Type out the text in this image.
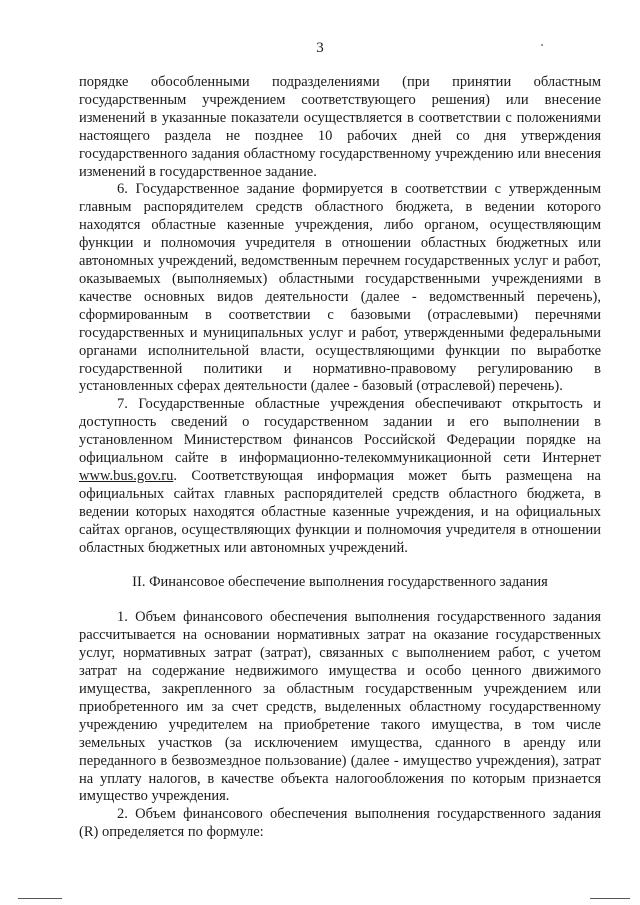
3

порядке обособленными подразделениями (при принятии областным государственным учреждением соответствующего решения) или внесение изменений в указанные показатели осуществляется в соответствии с положениями настоящего раздела не позднее 10 рабочих дней со дня утверждения государственного задания областному государственному учреждению или внесения изменений в государственное задание.

6. Государственное задание формируется в соответствии с утвержденным главным распорядителем средств областного бюджета, в ведении которого находятся областные казенные учреждения, либо органом, осуществляющим функции и полномочия учредителя в отношении областных бюджетных или автономных учреждений, ведомственным перечнем государственных услуг и работ, оказываемых (выполняемых) областными государственными учреждениями в качестве основных видов деятельности (далее - ведомственный перечень), сформированным в соответствии с базовыми (отраслевыми) перечнями государственных и муниципальных услуг и работ, утвержденными федеральными органами исполнительной власти, осуществляющими функции по выработке государственной политики и нормативно-правовому регулированию в установленных сферах деятельности (далее - базовый (отраслевой) перечень).

7. Государственные областные учреждения обеспечивают открытость и доступность сведений о государственном задании и его выполнении в установленном Министерством финансов Российской Федерации порядке на официальном сайте в информационно-телекоммуникационной сети Интернет www.bus.gov.ru. Соответствующая информация может быть размещена на официальных сайтах главных распорядителей средств областного бюджета, в ведении которых находятся областные казенные учреждения, и на официальных сайтах органов, осуществляющих функции и полномочия учредителя в отношении областных бюджетных или автономных учреждений.

II. Финансовое обеспечение выполнения государственного задания

1. Объем финансового обеспечения выполнения государственного задания рассчитывается на основании нормативных затрат на оказание государственных услуг, нормативных затрат (затрат), связанных с выполнением работ, с учетом затрат на содержание недвижимого имущества и особо ценного движимого имущества, закрепленного за областным государственным учреждением или приобретенного им за счет средств, выделенных областному государственному учреждению учредителем на приобретение такого имущества, в том числе земельных участков (за исключением имущества, сданного в аренду или переданного в безвозмездное пользование) (далее - имущество учреждения), затрат на уплату налогов, в качестве объекта налогообложения по которым признается имущество учреждения.

2. Объем финансового обеспечения выполнения государственного задания (R) определяется по формуле:
